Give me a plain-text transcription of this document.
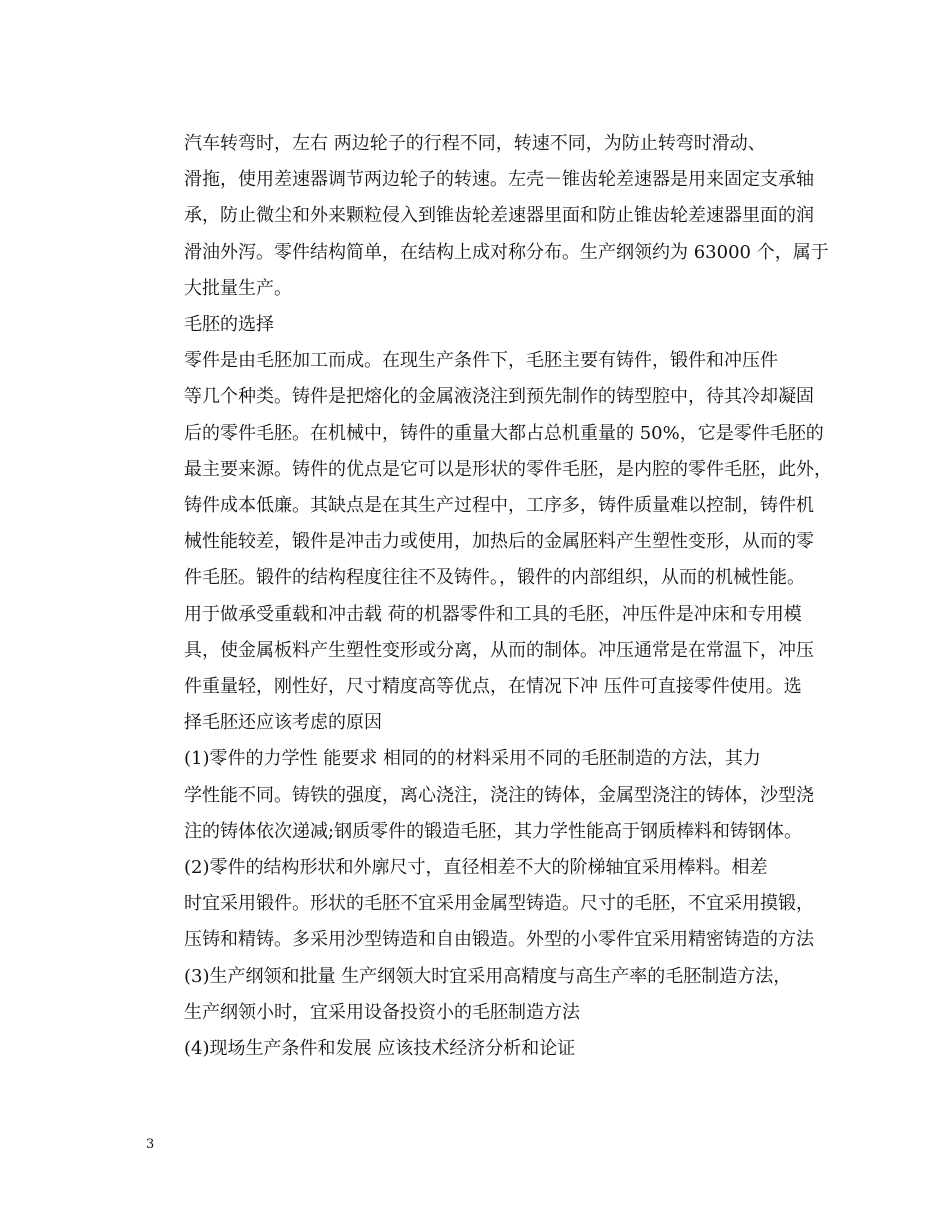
汽车转弯时，左右 两边轮子的行程不同，转速不同，为防止转弯时滑动、
滑拖，使用差速器调节两边轮子的转速。左壳－锥齿轮差速器是用来固定支承轴
承，防止微尘和外来颗粒侵入到锥齿轮差速器里面和防止锥齿轮差速器里面的润
滑油外泻。零件结构简单，在结构上成对称分布。生产纲领约为 63000 个，属于
大批量生产。

毛胚的选择

零件是由毛胚加工而成。在现生产条件下，毛胚主要有铸件，锻件和冲压件
等几个种类。铸件是把熔化的金属液浇注到预先制作的铸型腔中，待其冷却凝固
后的零件毛胚。在机械中，铸件的重量大都占总机重量的 50%，它是零件毛胚的
最主要来源。铸件的优点是它可以是形状的零件毛胚，是内腔的零件毛胚，此外，
铸件成本低廉。其缺点是在其生产过程中，工序多，铸件质量难以控制，铸件机
械性能较差，锻件是冲击力或使用，加热后的金属胚料产生塑性变形，从而的零
件毛胚。锻件的结构程度往往不及铸件。，锻件的内部组织，从而的机械性能。
用于做承受重载和冲击载 荷的机器零件和工具的毛胚，冲压件是冲床和专用模
具，使金属板料产生塑性变形或分离，从而的制体。冲压通常是在常温下，冲压
件重量轻，刚性好，尺寸精度高等优点，在情况下冲 压件可直接零件使用。选
择毛胚还应该考虑的原因

(1)零件的力学性 能要求 相同的的材料采用不同的毛胚制造的方法，其力
学性能不同。铸铁的强度，离心浇注，浇注的铸体，金属型浇注的铸体，沙型浇
注的铸体依次递减;钢质零件的锻造毛胚，其力学性能高于钢质棒料和铸钢体。

(2)零件的结构形状和外廓尺寸，直径相差不大的阶梯轴宜采用棒料。相差
时宜采用锻件。形状的毛胚不宜采用金属型铸造。尺寸的毛胚，不宜采用摸锻，
压铸和精铸。多采用沙型铸造和自由锻造。外型的小零件宜采用精密铸造的方法

(3)生产纲领和批量 生产纲领大时宜采用高精度与高生产率的毛胚制造方法，
生产纲领小时，宜采用设备投资小的毛胚制造方法

(4)现场生产条件和发展 应该技术经济分析和论证

3
